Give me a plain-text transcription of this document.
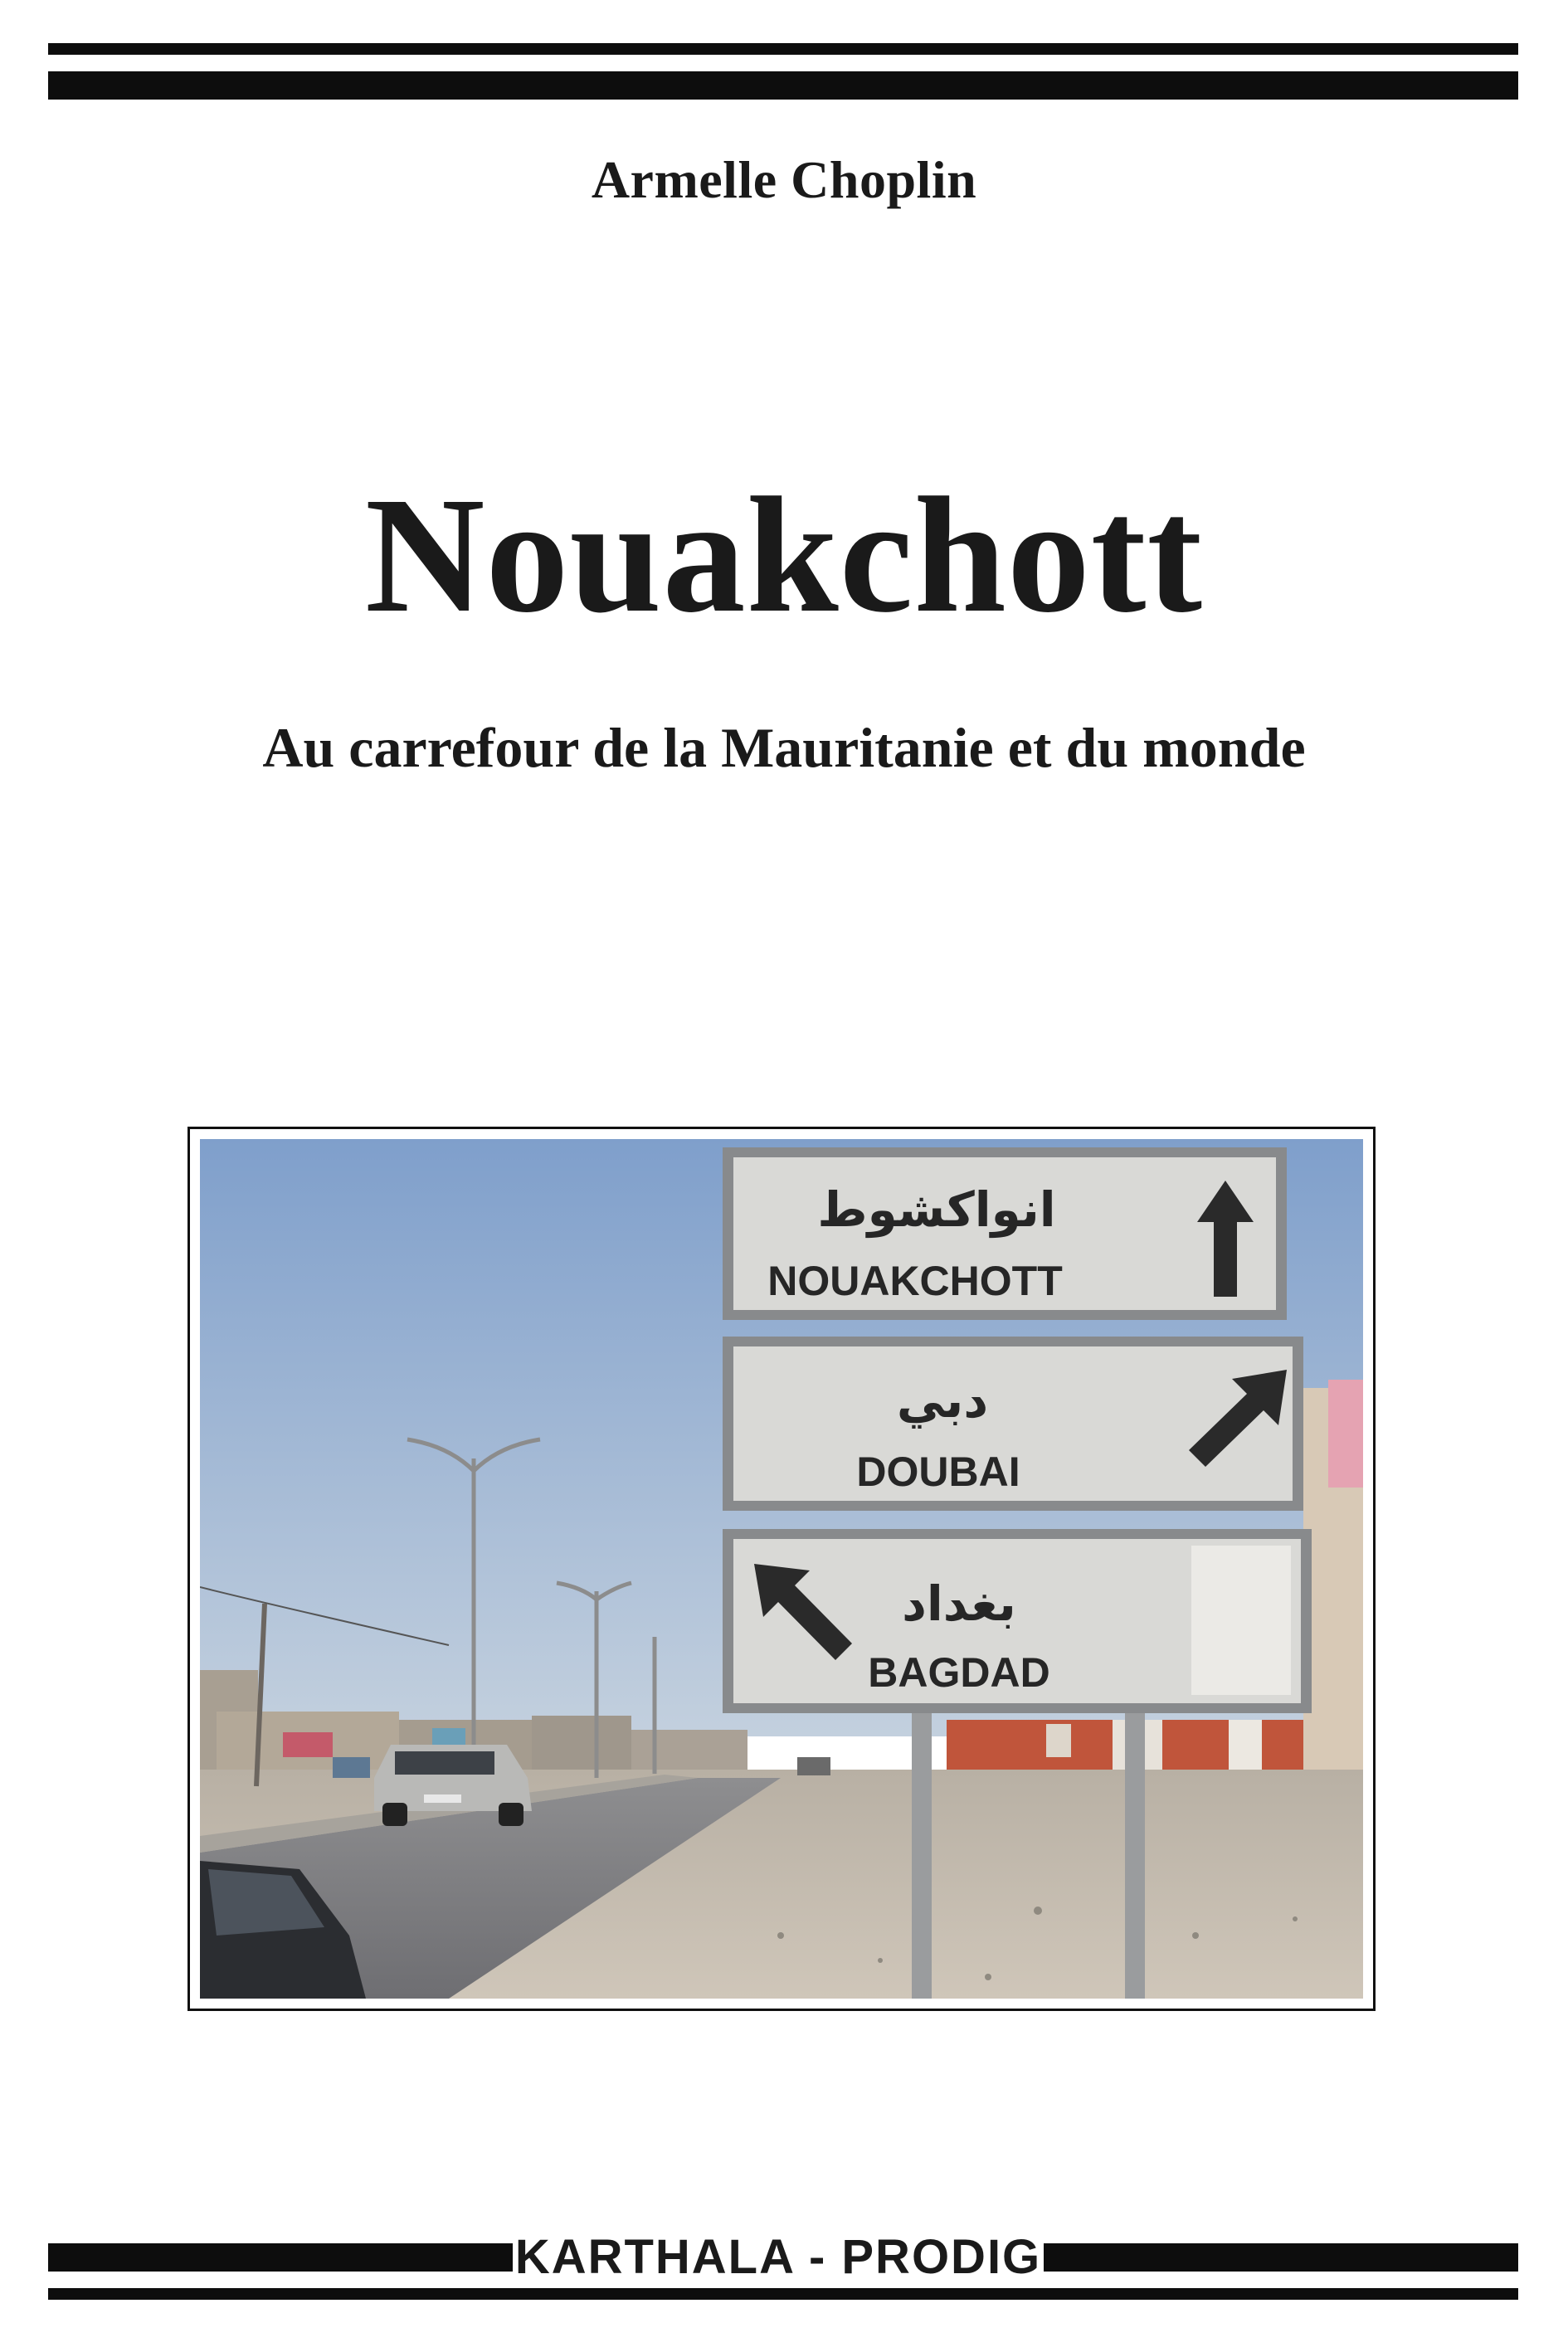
Armelle Choplin
Nouakchott
Au carrefour de la Mauritanie et du monde
انواكشوط
NOUAKCHOTT
دبي
DOUBAI
بغداد
BAGDAD
KARTHALA - PRODIG
